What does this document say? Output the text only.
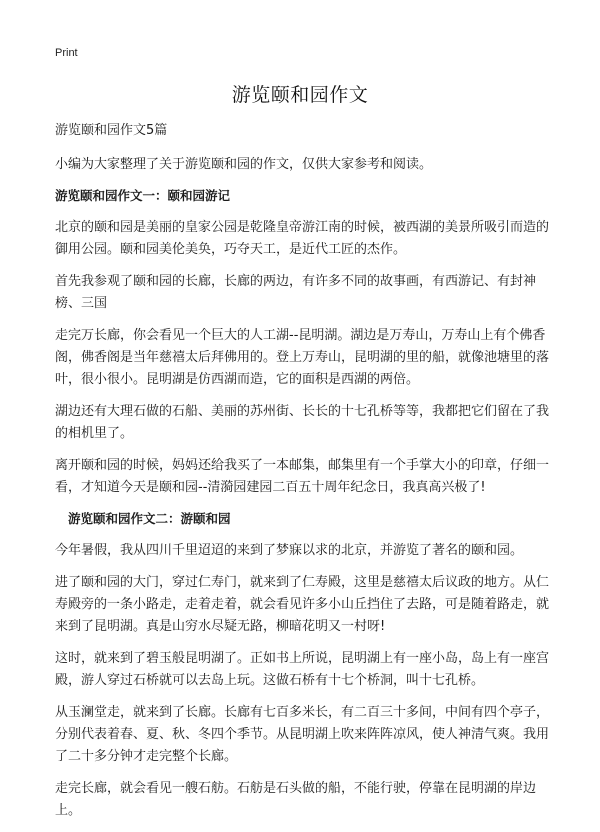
Print
游览颐和园作文

游览颐和园作文5篇

小编为大家整理了关于游览颐和园的作文，仅供大家参考和阅读。

游览颐和园作文一：颐和园游记

北京的颐和园是美丽的皇家公园是乾隆皇帝游江南的时候，被西湖的美景所吸引而造的御用公园。颐和园美伦美奂，巧夺天工，是近代工匠的杰作。

首先我参观了颐和园的长廊，长廊的两边，有许多不同的故事画，有西游记、有封神榜、三国

走完万长廊，你会看见一个巨大的人工湖--昆明湖。湖边是万寿山，万寿山上有个佛香阁，佛香阁是当年慈禧太后拜佛用的。登上万寿山，昆明湖的里的船，就像池塘里的落叶，很小很小。昆明湖是仿西湖而造，它的面积是西湖的两倍。

湖边还有大理石做的石船、美丽的苏州街、长长的十七孔桥等等，我都把它们留在了我的相机里了。

离开颐和园的时候，妈妈还给我买了一本邮集，邮集里有一个手掌大小的印章，仔细一看，才知道今天是颐和园--清漪园建园二百五十周年纪念日，我真高兴极了!

游览颐和园作文二：游颐和园

今年暑假，我从四川千里迢迢的来到了梦寐以求的北京，并游览了著名的颐和园。

进了颐和园的大门，穿过仁寿门，就来到了仁寿殿，这里是慈禧太后议政的地方。从仁寿殿旁的一条小路走，走着走着，就会看见许多小山丘挡住了去路，可是随着路走，就来到了昆明湖。真是山穷水尽疑无路，柳暗花明又一村呀!

这时，就来到了碧玉般昆明湖了。正如书上所说，昆明湖上有一座小岛，岛上有一座宫殿，游人穿过石桥就可以去岛上玩。这做石桥有十七个桥洞，叫十七孔桥。

从玉澜堂走，就来到了长廊。长廊有七百多米长，有二百三十多间，中间有四个亭子，分别代表着春、夏、秋、冬四个季节。从昆明湖上吹来阵阵凉风，使人神清气爽。我用了二十多分钟才走完整个长廊。

走完长廊，就会看见一艘石舫。石舫是石头做的船，不能行驶，停靠在昆明湖的岸边上。
